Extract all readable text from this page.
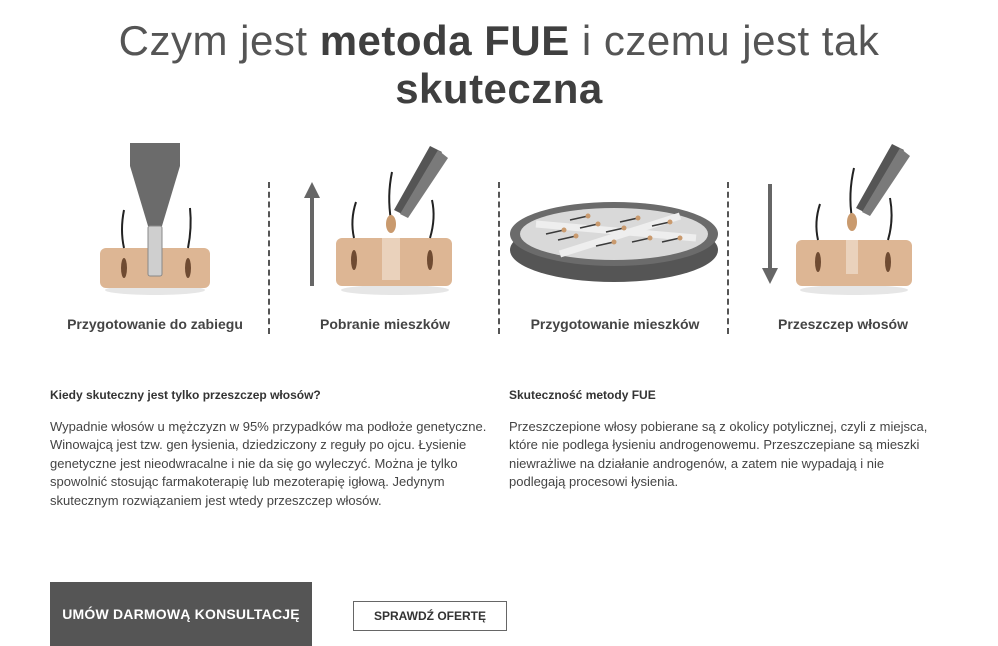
Czym jest metoda FUE i czemu jest tak
skuteczna
Przygotowanie do zabiegu	Pobranie mieszków	Przygotowanie mieszków	Przeszczep włosów
Kiedy skuteczny jest tylko przeszczep włosów?

Wypadnie włosów u mężczyzn w 95% przypadków ma podłoże genetyczne. Winowajcą jest tzw. gen łysienia, dziedziczony z reguły po ojcu. Łysienie genetyczne jest nieodwracalne i nie da się go wyleczyć. Można je tylko spowolnić stosując farmakoterapię lub mezoterapię igłową. Jedynym skutecznym rozwiązaniem jest wtedy przeszczep włosów.

Skuteczność metody FUE

Przeszczepione włosy pobierane są z okolicy potylicznej, czyli z miejsca, które nie podlega łysieniu androgenowemu. Przeszczepiane są mieszki niewrażliwe na działanie androgenów, a zatem nie wypadają i nie podlegają procesowi łysienia.

UMÓW DARMOWĄ KONSULTACJĘ	SPRAWDŹ OFERTĘ
